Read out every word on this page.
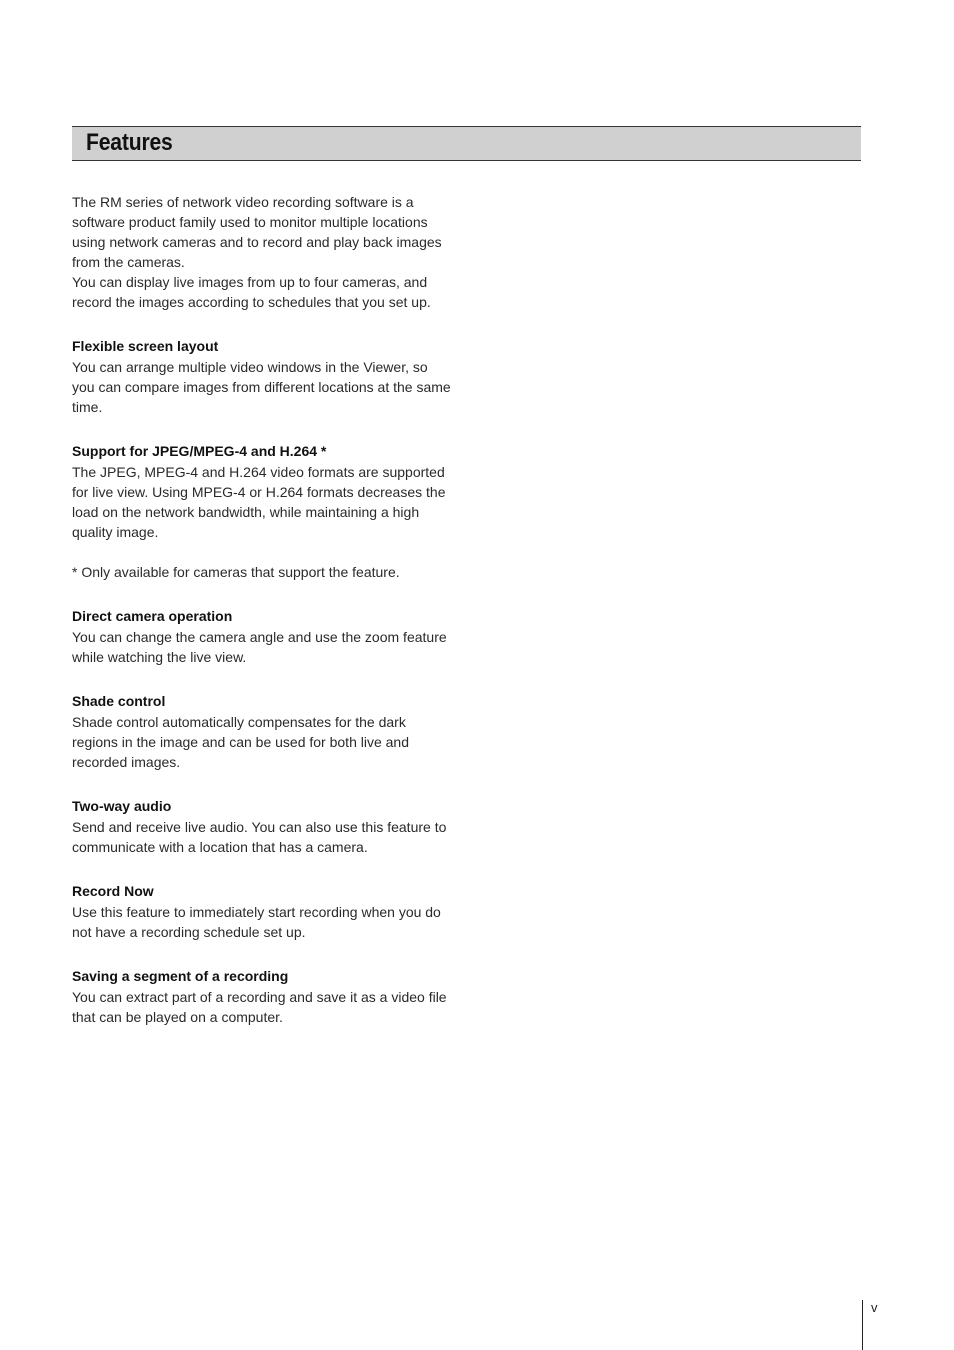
Features

The RM series of network video recording software is a software product family used to monitor multiple locations using network cameras and to record and play back images from the cameras.

You can display live images from up to four cameras, and record the images according to schedules that you set up.

Flexible screen layout

You can arrange multiple video windows in the Viewer, so you can compare images from different locations at the same time.

Support for JPEG/MPEG-4 and H.264 *

The JPEG, MPEG-4 and H.264 video formats are supported for live view. Using MPEG-4 or H.264 formats decreases the load on the network bandwidth, while maintaining a high quality image.

* Only available for cameras that support the feature.

Direct camera operation

You can change the camera angle and use the zoom feature while watching the live view.

Shade control

Shade control automatically compensates for the dark regions in the image and can be used for both live and recorded images.

Two-way audio

Send and receive live audio. You can also use this feature to communicate with a location that has a camera.

Record Now

Use this feature to immediately start recording when you do not have a recording schedule set up.

Saving a segment of a recording

You can extract part of a recording and save it as a video file that can be played on a computer.

v
